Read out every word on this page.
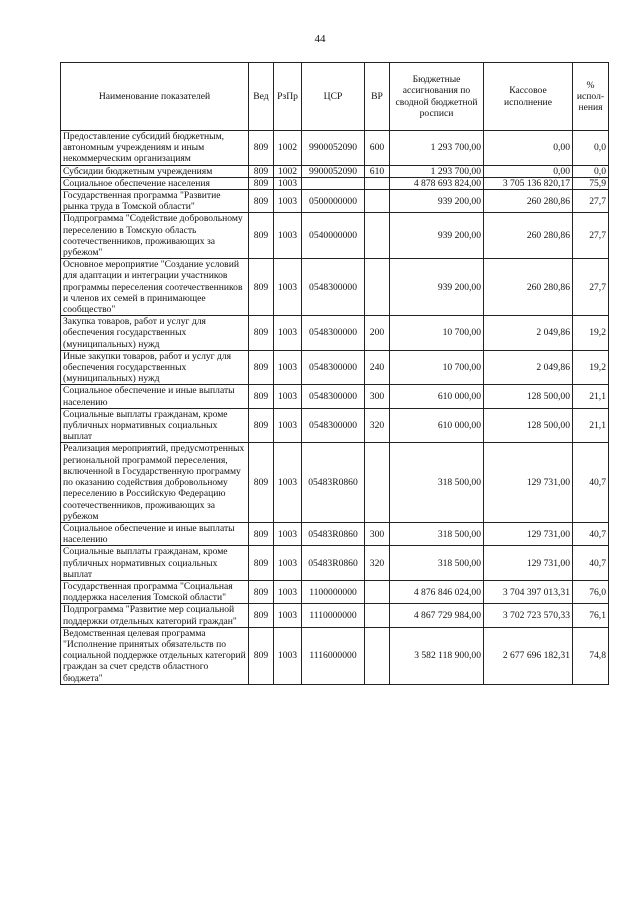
44
Наименование показателей	Вед	РзПр	ЦСР	ВР	Бюджетные ассигнования по сводной бюджетной росписи	Кассовое исполнение	% испол- нения
Предоставление субсидий бюджетным, автономным учреждениям и иным некоммерческим организациям	809	1002	9900052090	600	1 293 700,00	0,00	0,0
Субсидии бюджетным учреждениям	809	1002	9900052090	610	1 293 700,00	0,00	0,0
Социальное обеспечение населения	809	1003			4 878 693 824,00	3 705 136 820,17	75,9
Государственная программа "Развитие рынка труда в Томской области"	809	1003	0500000000		939 200,00	260 280,86	27,7
Подпрограмма "Содействие добровольному переселению в Томскую область соотечественников, проживающих за рубежом"	809	1003	0540000000		939 200,00	260 280,86	27,7
Основное мероприятие "Создание условий для адаптации и интеграции участников программы переселения соотечественников и членов их семей в принимающее сообщество"	809	1003	0548300000		939 200,00	260 280,86	27,7
Закупка товаров, работ и услуг для обеспечения государственных (муниципальных) нужд	809	1003	0548300000	200	10 700,00	2 049,86	19,2
Иные закупки товаров, работ и услуг для обеспечения государственных (муниципальных) нужд	809	1003	0548300000	240	10 700,00	2 049,86	19,2
Социальное обеспечение и иные выплаты населению	809	1003	0548300000	300	610 000,00	128 500,00	21,1
Социальные выплаты гражданам, кроме публичных нормативных социальных выплат	809	1003	0548300000	320	610 000,00	128 500,00	21,1
Реализация мероприятий, предусмотренных региональной программой переселения, включенной в Государственную программу по оказанию содействия добровольному переселению в Российскую Федерацию соотечественников, проживающих за рубежом	809	1003	05483R0860		318 500,00	129 731,00	40,7
Социальное обеспечение и иные выплаты населению	809	1003	05483R0860	300	318 500,00	129 731,00	40,7
Социальные выплаты гражданам, кроме публичных нормативных социальных выплат	809	1003	05483R0860	320	318 500,00	129 731,00	40,7
Государственная программа "Социальная поддержка населения Томской области"	809	1003	1100000000		4 876 846 024,00	3 704 397 013,31	76,0
Подпрограмма "Развитие мер социальной поддержки отдельных категорий граждан"	809	1003	1110000000		4 867 729 984,00	3 702 723 570,33	76,1
Ведомственная целевая программа "Исполнение принятых обязательств по социальной поддержке отдельных категорий граждан за счет средств областного бюджета"	809	1003	1116000000		3 582 118 900,00	2 677 696 182,31	74,8
